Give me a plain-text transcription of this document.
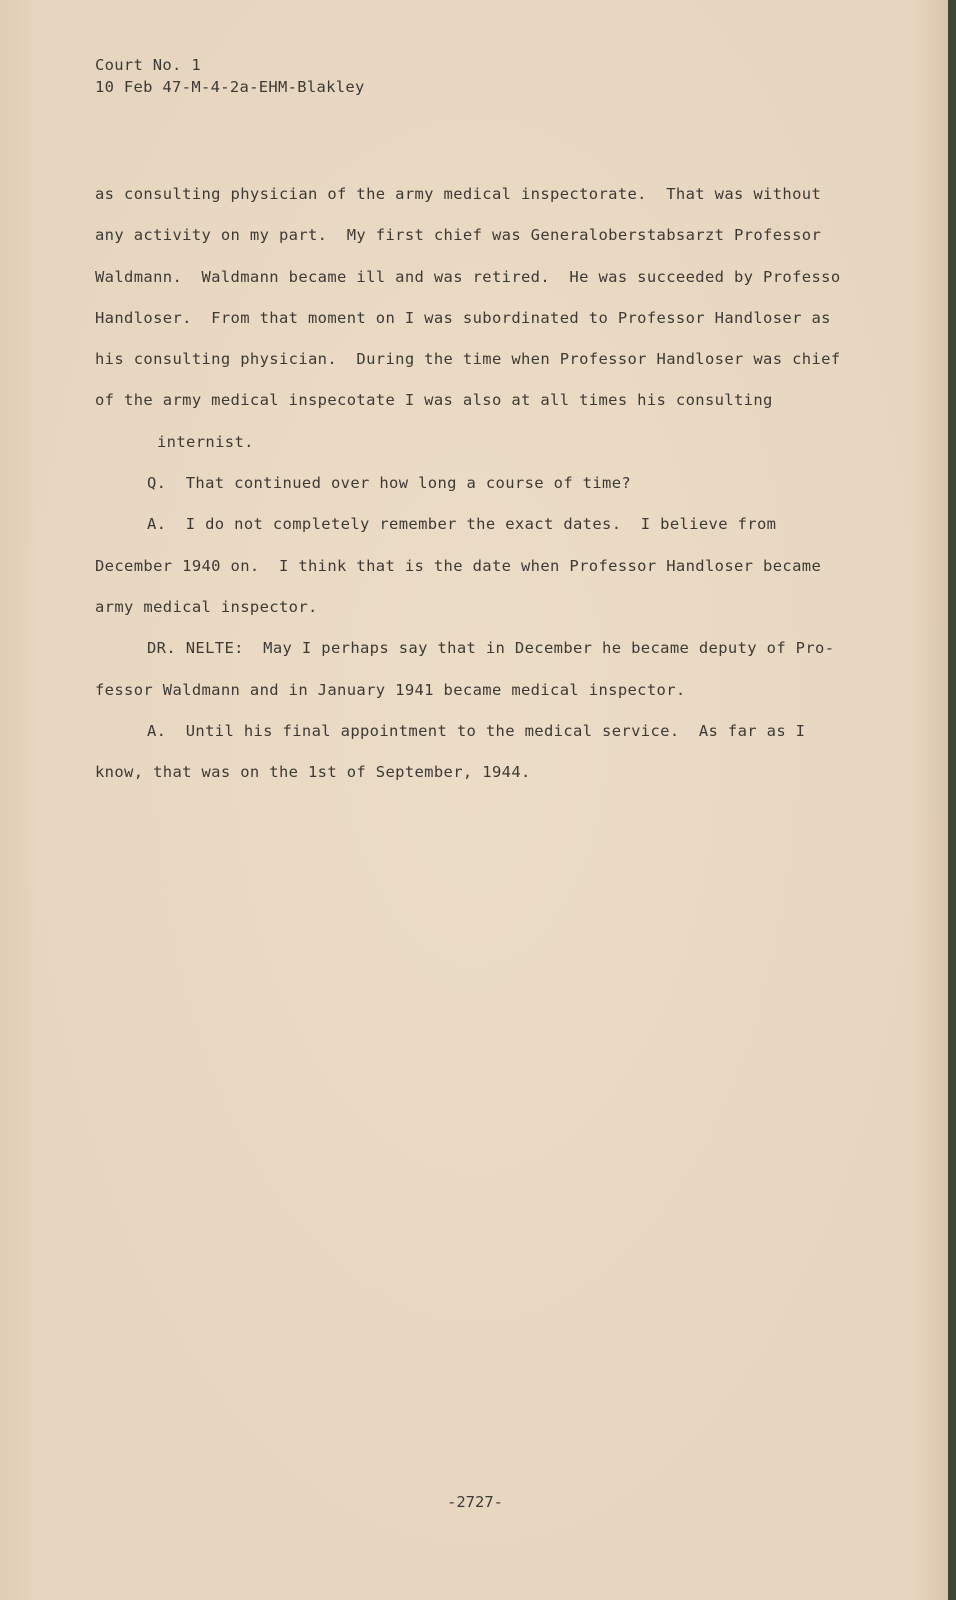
Court No. 1
10 Feb 47-M-4-2a-EHM-Blakley
as consulting physician of the army medical inspectorate.  That was without
any activity on my part.  My first chief was Generaloberstabsarzt Professor
Waldmann.  Waldmann became ill and was retired.  He was succeeded by Professo
Handloser.  From that moment on I was subordinated to Professor Handloser as
his consulting physician.  During the time when Professor Handloser was chief
of the army medical inspecotate I was also at all times his consulting
internist.
Q.  That continued over how long a course of time?
A.  I do not completely remember the exact dates.  I believe from
December 1940 on.  I think that is the date when Professor Handloser became
army medical inspector.
DR. NELTE:  May I perhaps say that in December he became deputy of Pro-
fessor Waldmann and in January 1941 became medical inspector.
A.  Until his final appointment to the medical service.  As far as I
know, that was on the 1st of September, 1944.
-2727-
